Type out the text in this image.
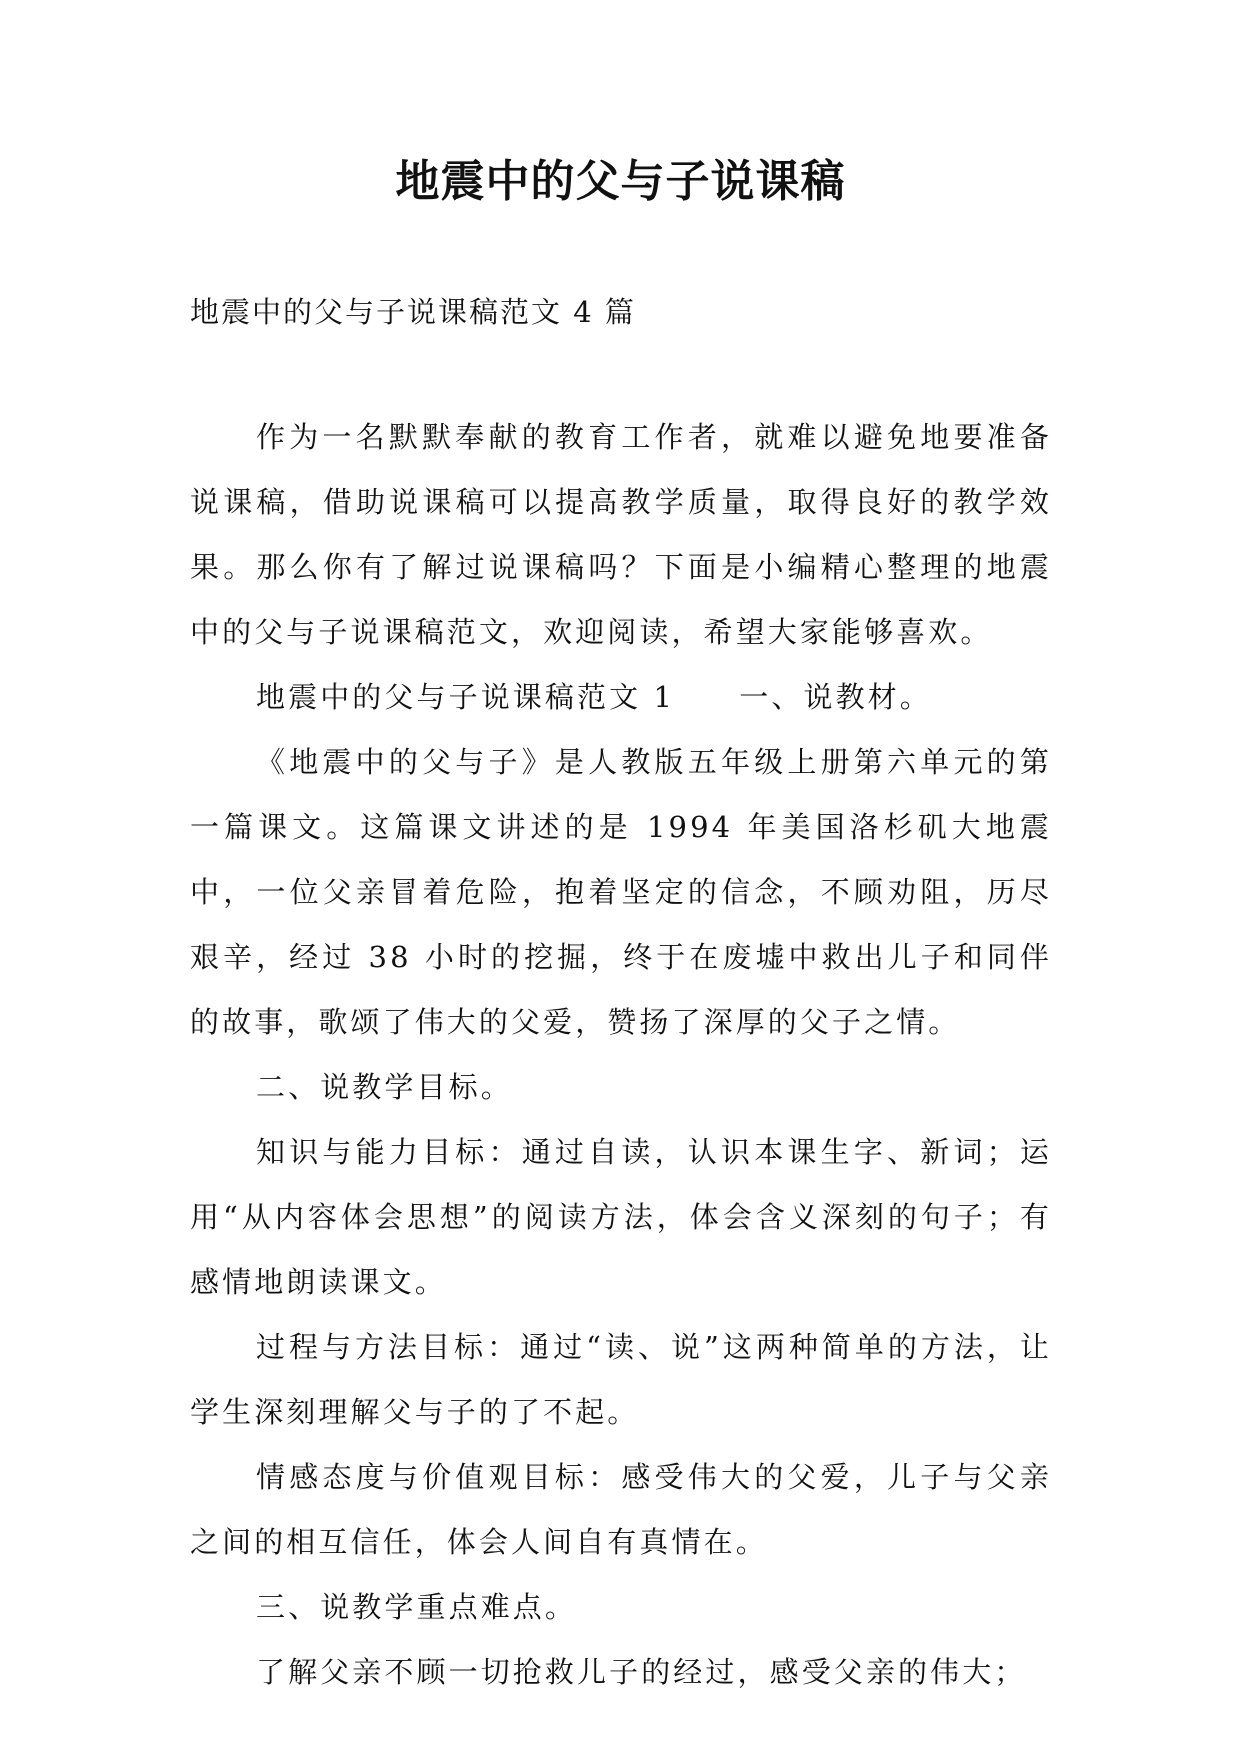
地震中的父与子说课稿

地震中的父与子说课稿范文 4 篇

作为一名默默奉献的教育工作者，就难以避免地要准备说课稿，借助说课稿可以提高教学质量，取得良好的教学效果。那么你有了解过说课稿吗？下面是小编精心整理的地震中的父与子说课稿范文，欢迎阅读，希望大家能够喜欢。

地震中的父与子说课稿范文 1　　一、说教材。

《地震中的父与子》是人教版五年级上册第六单元的第一篇课文。这篇课文讲述的是 1994 年美国洛杉矶大地震中，一位父亲冒着危险，抱着坚定的信念，不顾劝阻，历尽艰辛，经过 38 小时的挖掘，终于在废墟中救出儿子和同伴的故事，歌颂了伟大的父爱，赞扬了深厚的父子之情。

二、说教学目标。

知识与能力目标：通过自读，认识本课生字、新词；运用“从内容体会思想”的阅读方法，体会含义深刻的句子；有感情地朗读课文。

过程与方法目标：通过“读、说”这两种简单的方法，让学生深刻理解父与子的了不起。

情感态度与价值观目标：感受伟大的父爱，儿子与父亲之间的相互信任，体会人间自有真情在。

三、说教学重点难点。

了解父亲不顾一切抢救儿子的经过，感受父亲的伟大；
